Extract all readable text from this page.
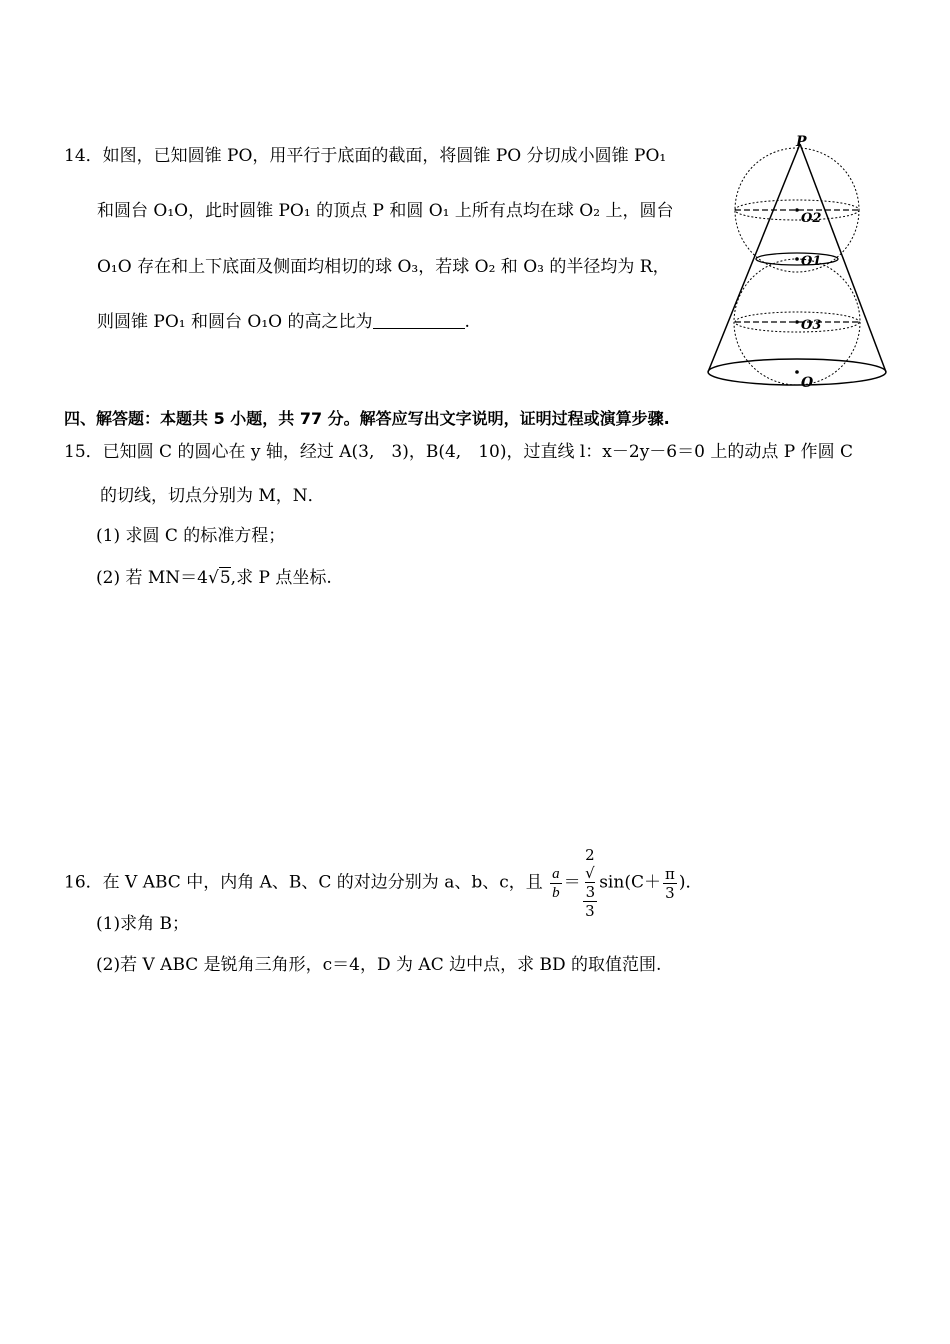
14．如图，已知圆锥 PO，用平行于底面的截面，将圆锥 PO 分切成小圆锥 PO₁
和圆台 O₁O，此时圆锥 PO₁ 的顶点 P 和圆 O₁ 上所有点均在球 O₂ 上，圆台
O₁O 存在和上下底面及侧面均相切的球 O₃，若球 O₂ 和 O₃ 的半径均为 R，
则圆锥 PO₁ 和圆台 O₁O 的高之比为	.
P
O2
O1
O3
O
四、解答题：本题共 5 小题，共 77 分。解答应写出文字说明，证明过程或演算步骤.
15．已知圆 C 的圆心在 y 轴，经过 A(3,　3)，B(4,　10)，过直线 l：x－2y－6＝0 上的动点 P 作圆 C
的切线，切点分别为 M，N．
(1) 求圆 C 的标准方程；
(2) 若 MN＝4√5,求 P 点坐标.
16．在 V ABC 中，内角 A、B、C 的对边分别为 a、b、c，且 $\frac{a}{b} = 2$
√
3
3 $\sin(C+ \frac{\pi}{3}$ )．
(1)求角 B；
(2)若 V ABC 是锐角三角形，c＝4，D 为 AC 边中点，求 BD 的取值范围.
